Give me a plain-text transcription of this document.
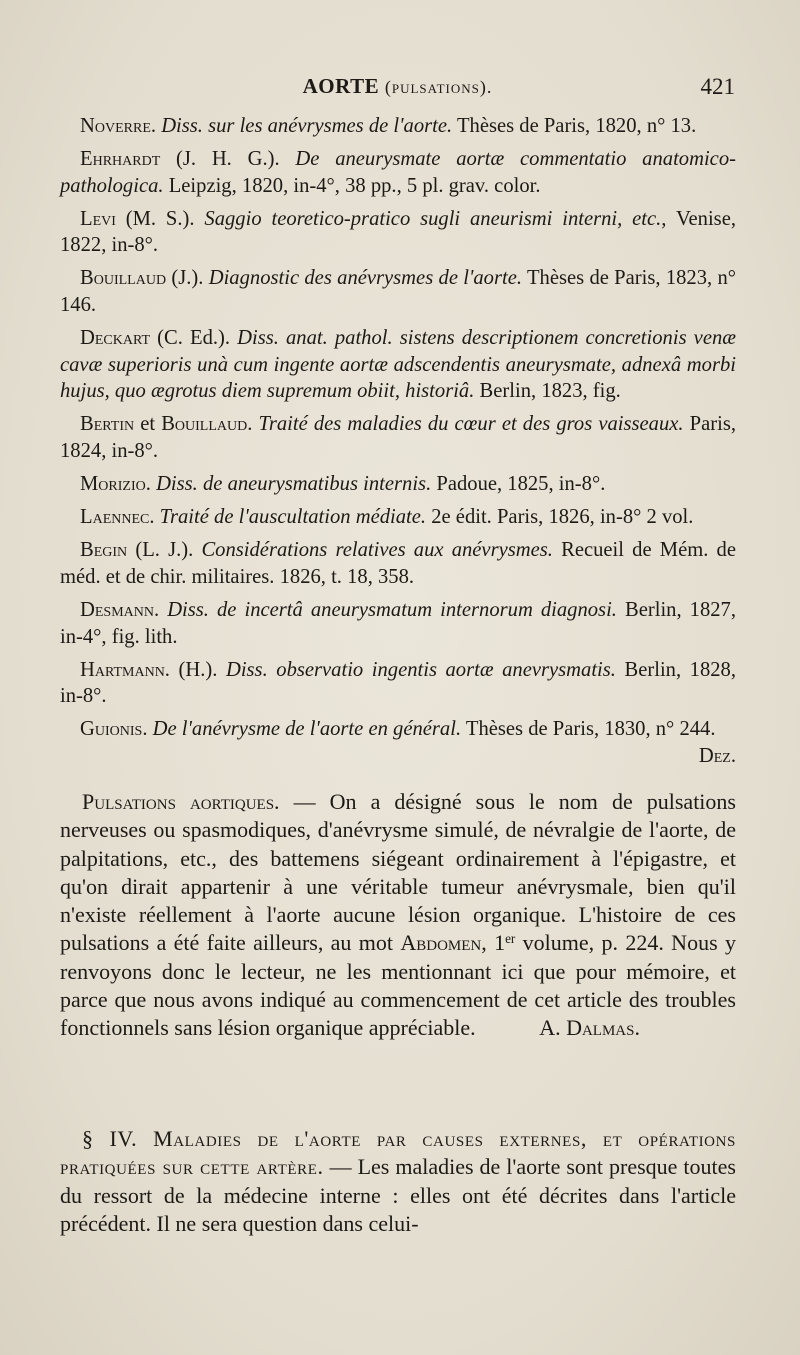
AORTE (pulsations).	421

Noverre. Diss. sur les anévrysmes de l'aorte. Thèses de Paris, 1820, n° 13.

Ehrhardt (J. H. G.). De aneurysmate aortæ commentatio anatomico-pathologica. Leipzig, 1820, in-4°, 38 pp., 5 pl. grav. color.

Levi (M. S.). Saggio teoretico-pratico sugli aneurismi interni, etc., Venise, 1822, in-8°.

Bouillaud (J.). Diagnostic des anévrysmes de l'aorte. Thèses de Paris, 1823, n° 146.

Deckart (C. Ed.). Diss. anat. pathol. sistens descriptionem concretionis venæ cavæ superioris unà cum ingente aortæ adscendentis aneurysmate, adnexâ morbi hujus, quo ægrotus diem supremum obiit, historiâ. Berlin, 1823, fig.

Bertin et Bouillaud. Traité des maladies du cœur et des gros vaisseaux. Paris, 1824, in-8°.

Morizio. Diss. de aneurysmatibus internis. Padoue, 1825, in-8°.

Laennec. Traité de l'auscultation médiate. 2e édit. Paris, 1826, in-8° 2 vol.

Begin (L. J.). Considérations relatives aux anévrysmes. Recueil de Mém. de méd. et de chir. militaires. 1826, t. 18, 358.

Desmann. Diss. de incertâ aneurysmatum internorum diagnosi. Berlin, 1827, in-4°, fig. lith.

Hartmann. (H.). Diss. observatio ingentis aortæ anevrysmatis. Berlin, 1828, in-8°.

Guionis. De l'anévrysme de l'aorte en général. Thèses de Paris, 1830, n° 244.
Dez.

Pulsations aortiques. — On a désigné sous le nom de pulsations nerveuses ou spasmodiques, d'anévrysme simulé, de névralgie de l'aorte, de palpitations, etc., des battemens siégeant ordinairement à l'épigastre, et qu'on dirait appartenir à une véritable tumeur anévrysmale, bien qu'il n'existe réellement à l'aorte aucune lésion organique. L'histoire de ces pulsations a été faite ailleurs, au mot Abdomen, 1er volume, p. 224. Nous y renvoyons donc le lecteur, ne les mentionnant ici que pour mémoire, et parce que nous avons indiqué au commencement de cet article des troubles fonctionnels sans lésion organique appréciable.	A. Dalmas.
§ IV. Maladies de l'aorte par causes externes, et opérations pratiquées sur cette artère. — Les maladies de l'aorte sont presque toutes du ressort de la médecine interne : elles ont été décrites dans l'article précédent. Il ne sera question dans celui-
